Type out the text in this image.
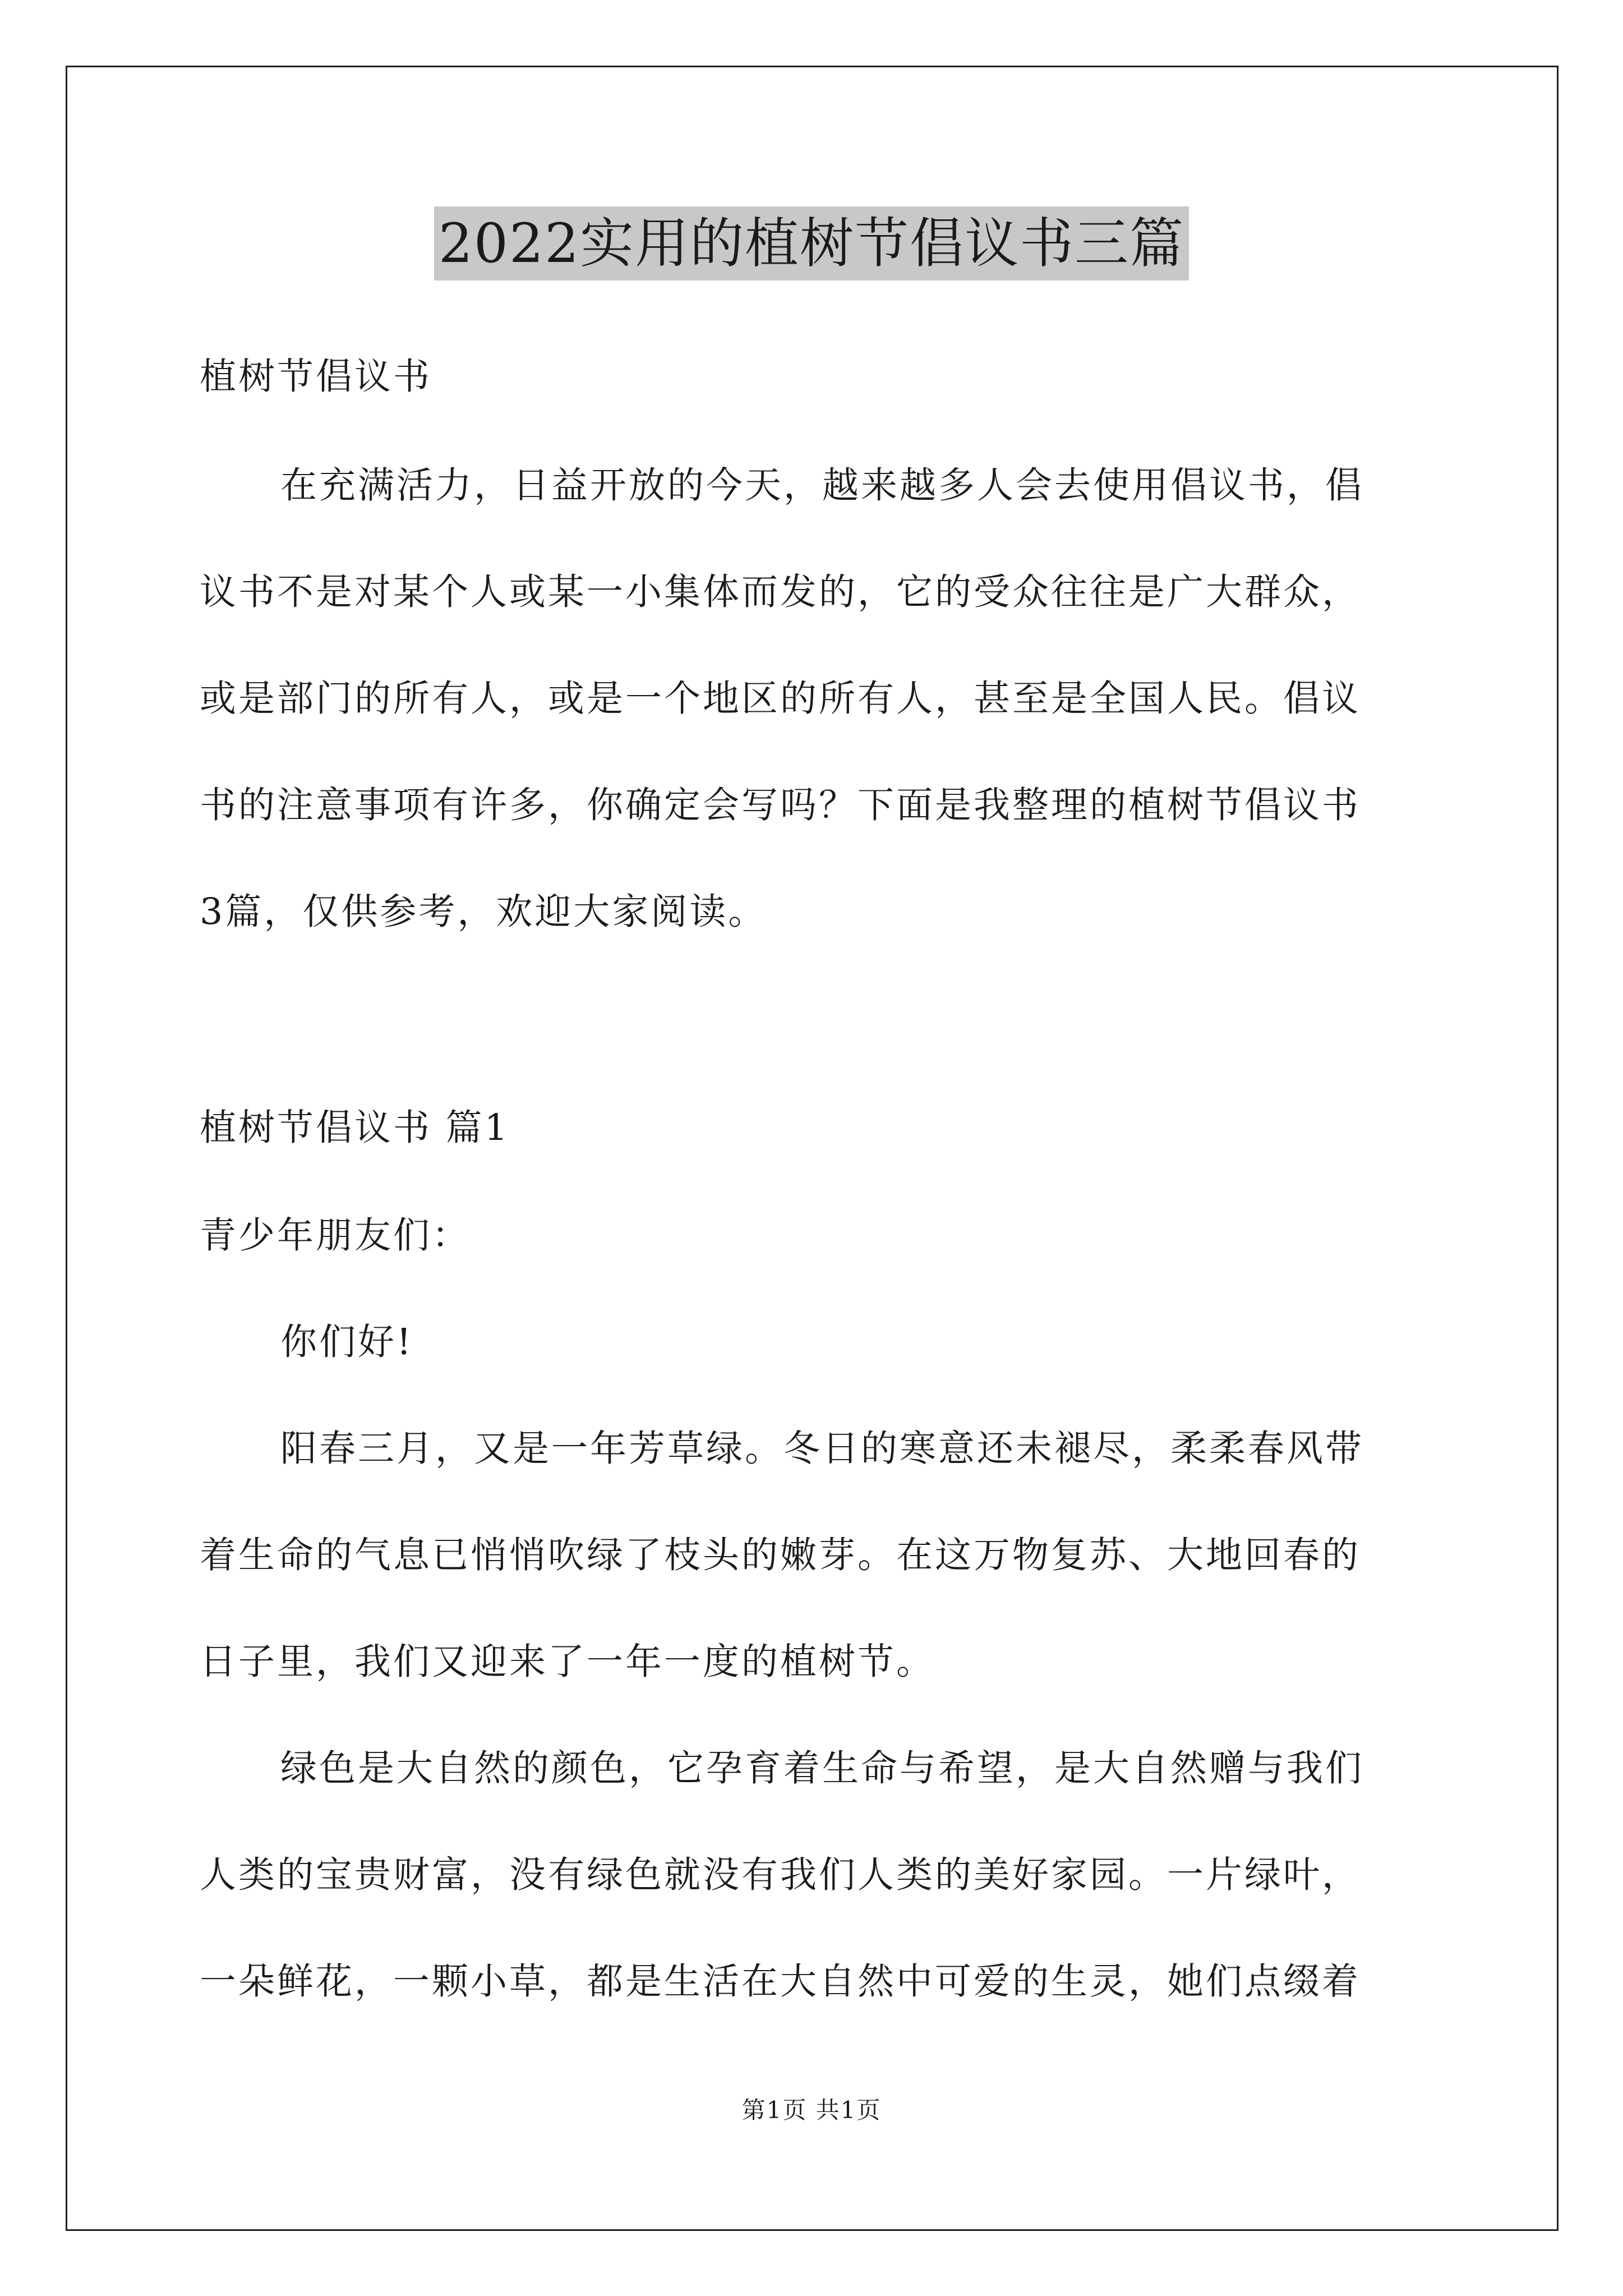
2022实用的植树节倡议书三篇
植树节倡议书
在充满活力，日益开放的今天，越来越多人会去使用倡议书，倡
议书不是对某个人或某一小集体而发的，它的受众往往是广大群众，
或是部门的所有人，或是一个地区的所有人，甚至是全国人民。倡议
书的注意事项有许多，你确定会写吗？下面是我整理的植树节倡议书
3篇，仅供参考，欢迎大家阅读。
植树节倡议书 篇1
青少年朋友们：
你们好!
阳春三月，又是一年芳草绿。冬日的寒意还未褪尽，柔柔春风带
着生命的气息已悄悄吹绿了枝头的嫩芽。在这万物复苏、大地回春的
日子里，我们又迎来了一年一度的植树节。
绿色是大自然的颜色，它孕育着生命与希望，是大自然赠与我们
人类的宝贵财富，没有绿色就没有我们人类的美好家园。一片绿叶，
一朵鲜花，一颗小草，都是生活在大自然中可爱的生灵，她们点缀着
第1页 共1页
